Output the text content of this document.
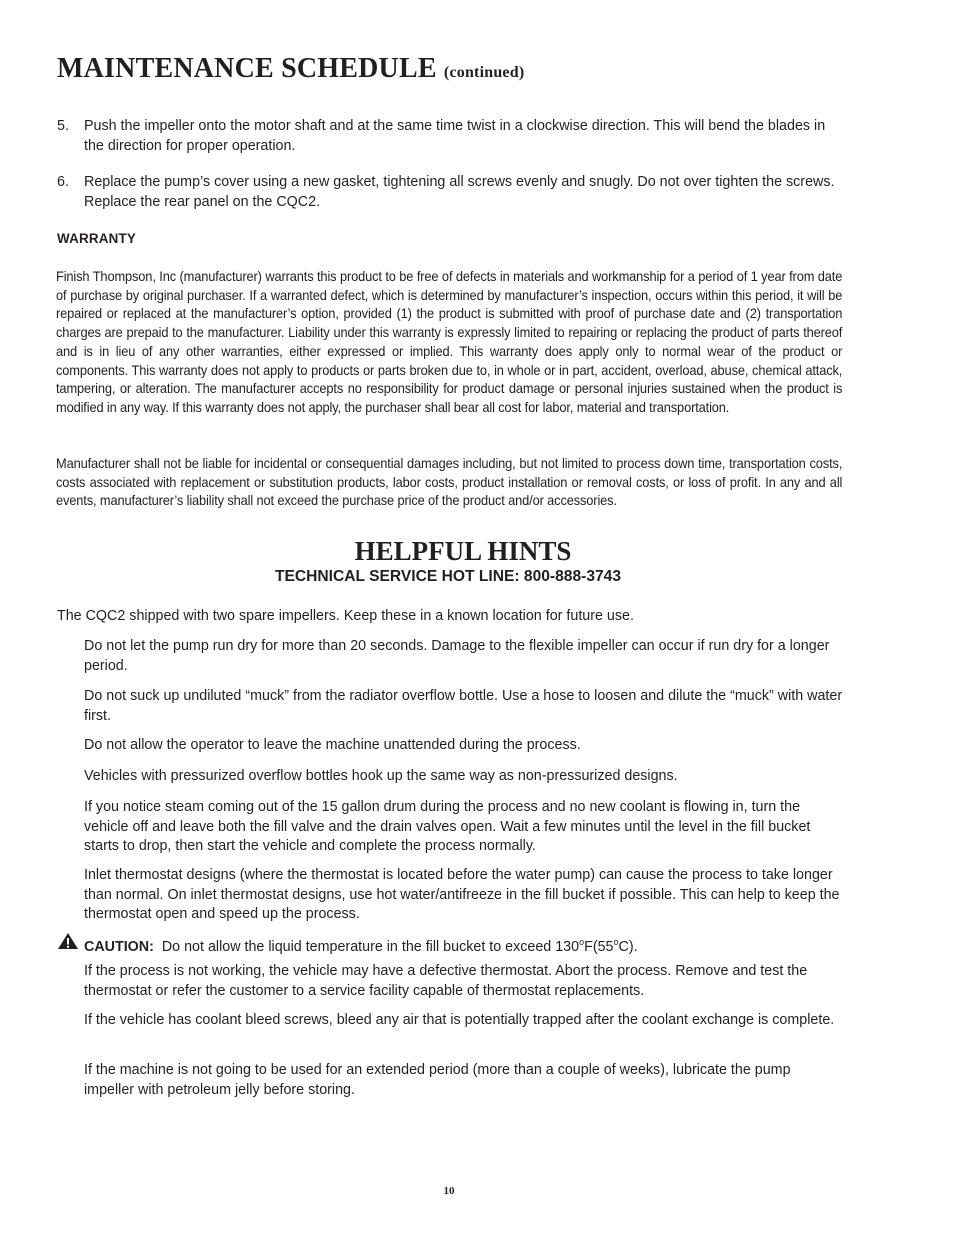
MAINTENANCE SCHEDULE (continued)
5. Push the impeller onto the motor shaft and at the same time twist in a clockwise direction. This will bend the blades in the direction for proper operation.
6. Replace the pump’s cover using a new gasket, tightening all screws evenly and snugly. Do not over tighten the screws. Replace the rear panel on the CQC2.
WARRANTY
Finish Thompson, Inc (manufacturer) warrants this product to be free of defects in materials and workmanship for a period of 1 year from date of purchase by original purchaser. If a warranted defect, which is determined by manufacturer’s inspection, occurs within this period, it will be repaired or replaced at the manufacturer’s option, provided (1) the product is submitted with proof of purchase date and (2) transportation charges are prepaid to the manufacturer. Liability under this warranty is expressly limited to repairing or replacing the product of parts thereof and is in lieu of any other warranties, either expressed or implied. This warranty does apply only to normal wear of the product or components. This warranty does not apply to products or parts broken due to, in whole or in part, accident, overload, abuse, chemical attack, tampering, or alteration. The manufacturer accepts no responsibility for product damage or personal injuries sustained when the product is modified in any way. If this warranty does not apply, the purchaser shall bear all cost for labor, material and transportation.
Manufacturer shall not be liable for incidental or consequential damages including, but not limited to process down time, transportation costs, costs associated with replacement or substitution products, labor costs, product installation or removal costs, or loss of profit. In any and all events, manufacturer’s liability shall not exceed the purchase price of the product and/or accessories.
HELPFUL HINTS
TECHNICAL SERVICE HOT LINE: 800-888-3743
The CQC2 shipped with two spare impellers. Keep these in a known location for future use.
Do not let the pump run dry for more than 20 seconds. Damage to the flexible impeller can occur if run dry for a longer period.
Do not suck up undiluted “muck” from the radiator overflow bottle. Use a hose to loosen and dilute the “muck” with water first.
Do not allow the operator to leave the machine unattended during the process.
Vehicles with pressurized overflow bottles hook up the same way as non-pressurized designs.
If you notice steam coming out of the 15 gallon drum during the process and no new coolant is flowing in, turn the vehicle off and leave both the fill valve and the drain valves open. Wait a few minutes until the level in the fill bucket starts to drop, then start the vehicle and complete the process normally.
Inlet thermostat designs (where the thermostat is located before the water pump) can cause the process to take longer than normal. On inlet thermostat designs, use hot water/antifreeze in the fill bucket if possible. This can help to keep the thermostat open and speed up the process.
CAUTION: Do not allow the liquid temperature in the fill bucket to exceed 130$^o$F(55$^o$C).
If the process is not working, the vehicle may have a defective thermostat. Abort the process. Remove and test the thermostat or refer the customer to a service facility capable of thermostat replacements.
If the vehicle has coolant bleed screws, bleed any air that is potentially trapped after the coolant exchange is complete.
If the machine is not going to be used for an extended period (more than a couple of weeks), lubricate the pump impeller with petroleum jelly before storing.
10
